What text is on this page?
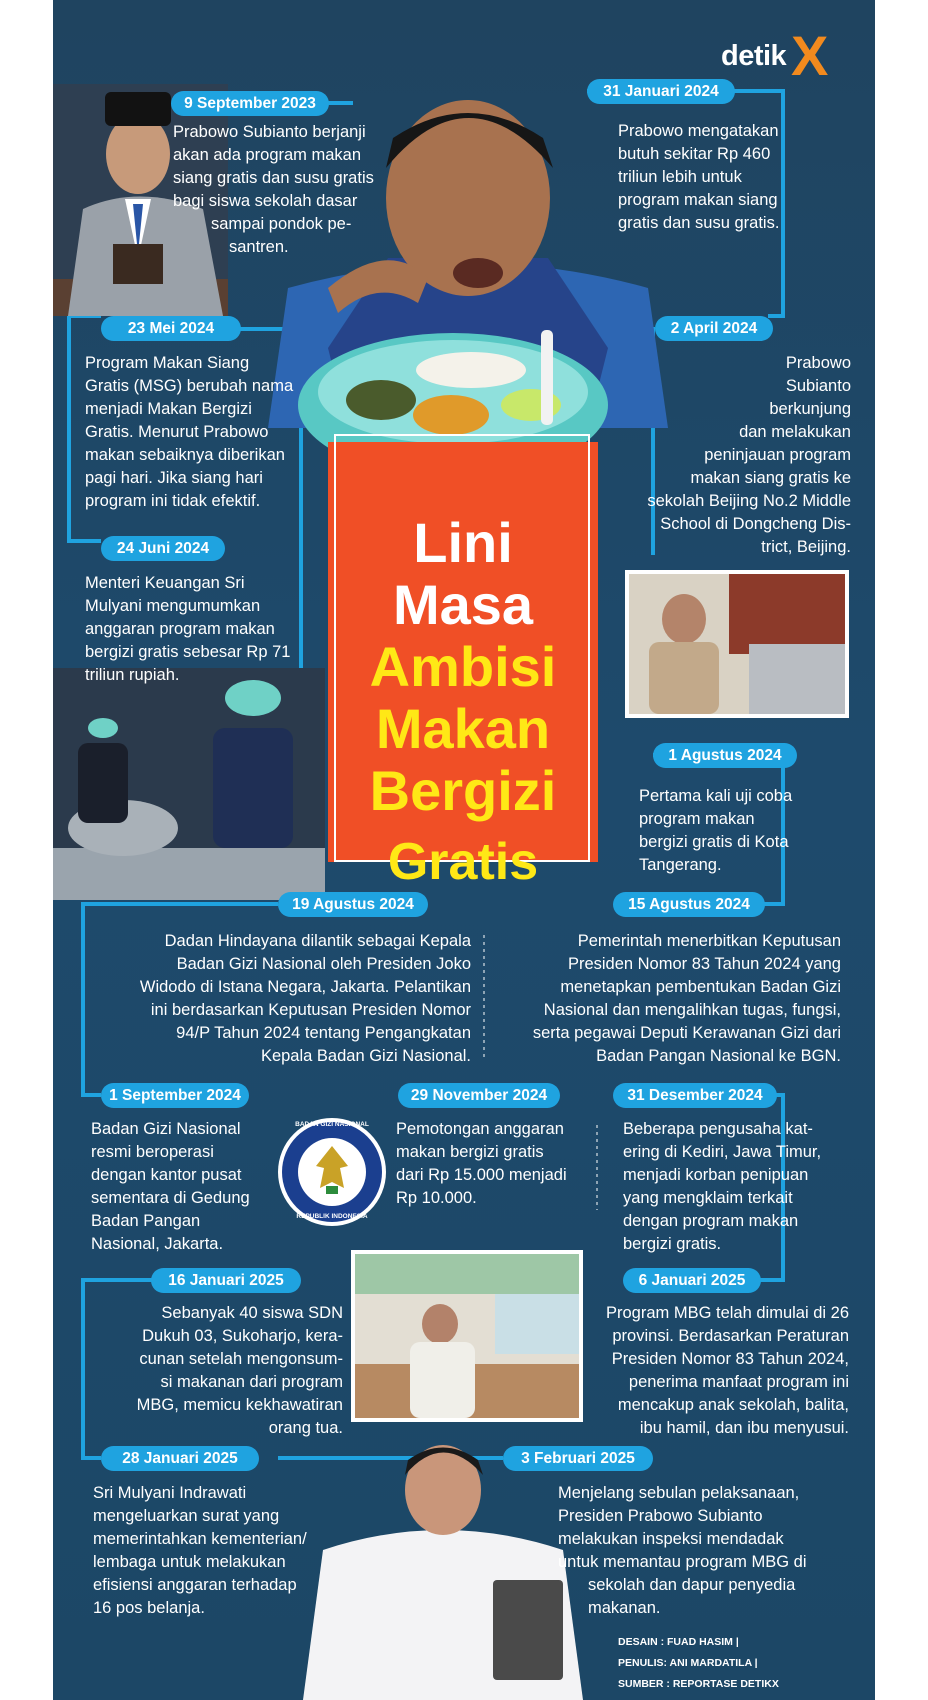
detik X
Lini
Masa
Ambisi
Makan
Bergizi
Gratis
BADAN GIZI NASIONAL
REPUBLIK INDONESIA
9 September 2023
Prabowo Subianto berjanji
akan ada program makan
siang gratis dan susu gratis
bagi siswa sekolah dasar
sampai pondok pe-
santren.
31 Januari 2024
Prabowo mengatakan
butuh sekitar Rp 460
triliun lebih untuk
program makan siang
gratis dan susu gratis.
23 Mei 2024
Program Makan Siang
Gratis (MSG) berubah nama
menjadi Makan Bergizi
Gratis. Menurut Prabowo
makan sebaiknya diberikan
pagi hari. Jika siang hari
program ini tidak efektif.
2 April 2024
Prabowo
Subianto
berkunjung
dan melakukan
peninjauan program
makan siang gratis ke
sekolah Beijing No.2 Middle
School di Dongcheng Dis-
trict, Beijing.
24 Juni 2024
Menteri Keuangan Sri
Mulyani mengumumkan
anggaran program makan
bergizi gratis sebesar Rp 71
triliun rupiah.
1 Agustus 2024
Pertama kali uji coba
program makan
bergizi gratis di Kota
Tangerang.
19 Agustus 2024
Dadan Hindayana dilantik sebagai Kepala
Badan Gizi Nasional oleh Presiden Joko
Widodo di Istana Negara, Jakarta. Pelantikan
ini berdasarkan Keputusan Presiden Nomor
94/P Tahun 2024 tentang Pengangkatan
Kepala Badan Gizi Nasional.
15 Agustus 2024
Pemerintah menerbitkan Keputusan
Presiden Nomor 83 Tahun 2024 yang
menetapkan pembentukan Badan Gizi
Nasional dan mengalihkan tugas, fungsi,
serta pegawai Deputi Kerawanan Gizi dari
Badan Pangan Nasional ke BGN.
1 September 2024
Badan Gizi Nasional
resmi beroperasi
dengan kantor pusat
sementara di Gedung
Badan Pangan
Nasional, Jakarta.
29 November 2024
Pemotongan anggaran
makan bergizi gratis
dari Rp 15.000 menjadi
Rp 10.000.
31 Desember 2024
Beberapa pengusaha kat-
ering di Kediri, Jawa Timur,
menjadi korban penipuan
yang mengklaim terkait
dengan program makan
bergizi gratis.
16 Januari 2025
Sebanyak 40 siswa SDN
Dukuh 03, Sukoharjo, kera-
cunan setelah mengonsum-
si makanan dari program
MBG, memicu kekhawatiran
orang tua.
6 Januari 2025
Program MBG telah dimulai di 26
provinsi. Berdasarkan Peraturan
Presiden Nomor 83 Tahun 2024,
penerima manfaat program ini
mencakup anak sekolah, balita,
ibu hamil, dan ibu menyusui.
28 Januari 2025
Sri Mulyani Indrawati
mengeluarkan surat yang
memerintahkan kementerian/
lembaga untuk melakukan
efisiensi anggaran terhadap
16 pos belanja.
3 Februari 2025
Menjelang sebulan pelaksanaan,
Presiden Prabowo Subianto
melakukan inspeksi mendadak
untuk memantau program MBG di
sekolah dan dapur penyedia
makanan.
DESAIN : FUAD HASIM |
PENULIS: ANI MARDATILA |
SUMBER : REPORTASE DETIKX
